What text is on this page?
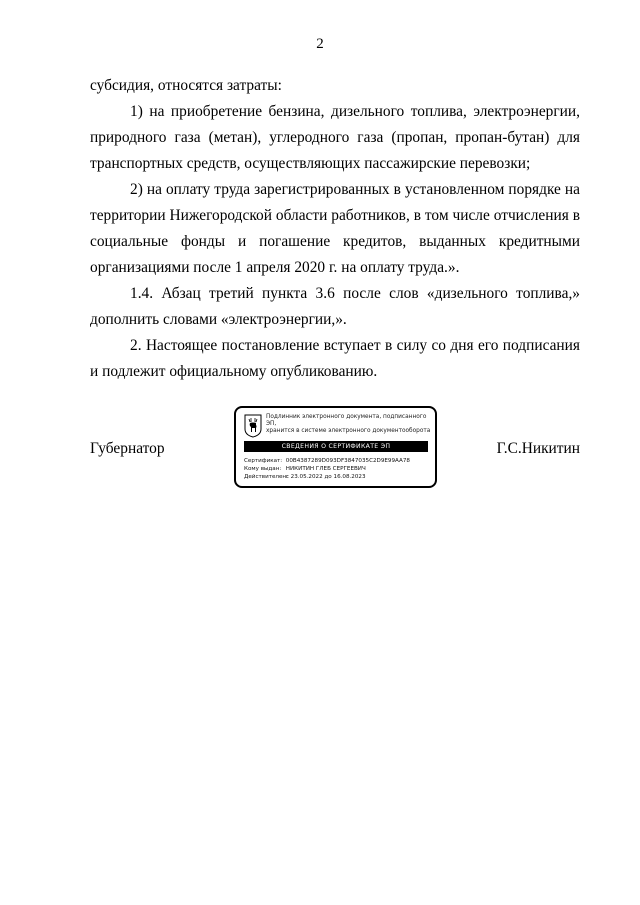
2

субсидия, относятся затраты:

1) на приобретение бензина, дизельного топлива, электроэнергии, природного газа (метан), углеродного газа (пропан, пропан-бутан) для транспортных средств, осуществляющих пассажирские перевозки;

2) на оплату труда зарегистрированных в установленном порядке на территории Нижегородской области работников, в том числе отчисления в социальные фонды и погашение кредитов, выданных кредитными организациями после 1 апреля 2020 г. на оплату труда.».

1.4. Абзац третий пункта 3.6 после слов «дизельного топлива,» дополнить словами «электроэнергии,».

2. Настоящее постановление вступает в силу со дня его подписания и подлежит официальному опубликованию.

Губернатор	Г.С.Никитин
Подлинник электронного документа, подписанного ЭП,
хранится в системе электронного документооборота
СВЕДЕНИЯ О СЕРТИФИКАТЕ ЭП
Сертификат: 00B4387289D093DF3847035C2D9E99AA78
Кому выдан: НИКИТИН ГЛЕБ СЕРГЕЕВИЧ
Действителен: с 23.05.2022 до 16.08.2023
